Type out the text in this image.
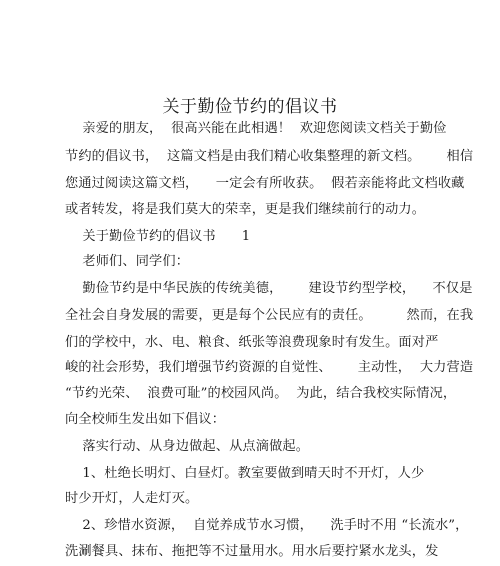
关于勤俭节约的倡议书
亲爱的朋友，  很高兴能在此相遇！  欢迎您阅读文档关于勤俭
节约的倡议书，  这篇文档是由我们精心收集整理的新文档。      相信
您通过阅读这篇文档，    一定会有所收获。  假若亲能将此文档收藏
或者转发，将是我们莫大的荣幸，更是我们继续前行的动力。
关于勤俭节约的倡议书      1
老师们、同学们：
勤俭节约是中华民族的传统美德，      建设节约型学校，    不仅是
全社会自身发展的需要，更是每个公民应有的责任。        然而，在我
们的学校中，水、电、粮食、纸张等浪费现象时有发生。面对严
峻的社会形势，我们增强节约资源的自觉性、      主动性，  大力营造
“节约光荣、  浪费可耻”的校园风尚。  为此，结合我校实际情况，
向全校师生发出如下倡议：
落实行动、从身边做起、从点滴做起。
1、杜绝长明灯、白昼灯。教室要做到晴天时不开灯，人少
时少开灯，人走灯灭。
2、珍惜水资源，  自觉养成节水习惯，    洗手时不用 “长流水”，
洗涮餐具、抹布、拖把等不过量用水。用水后要拧紧水龙头，发
